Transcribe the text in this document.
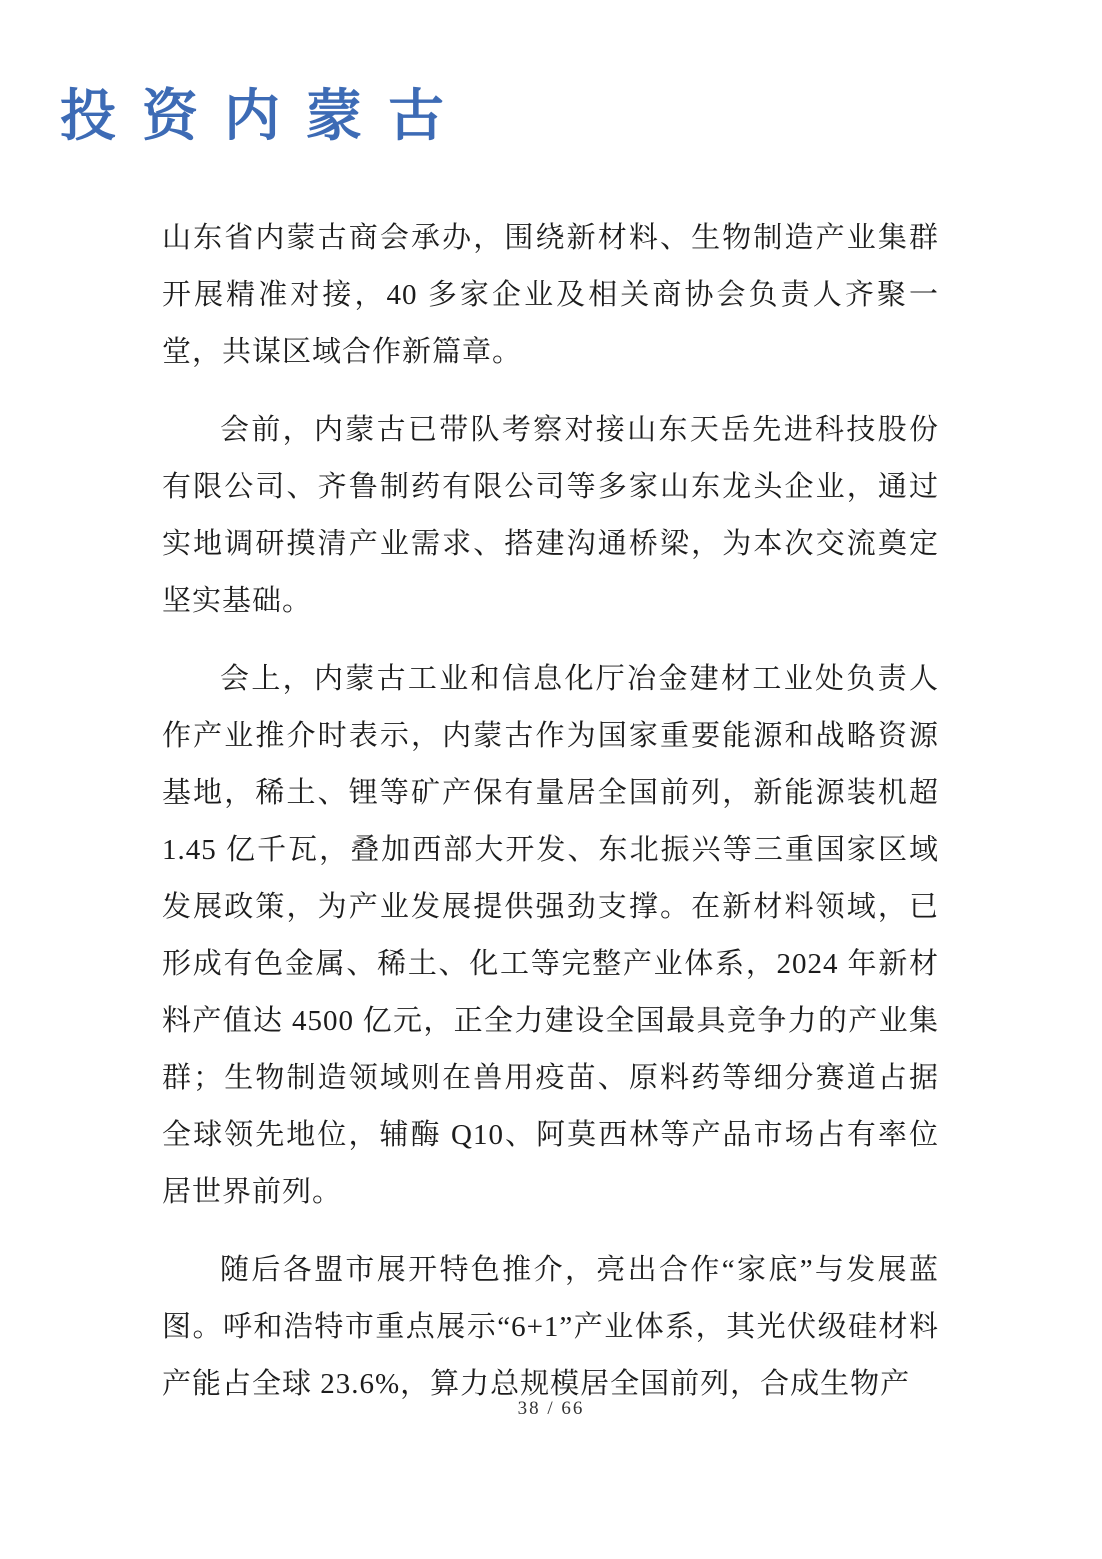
投 资 内 蒙 古

山东省内蒙古商会承办，围绕新材料、生物制造产业集群开展精准对接，40 多家企业及相关商协会负责人齐聚一堂，共谋区域合作新篇章。

会前，内蒙古已带队考察对接山东天岳先进科技股份有限公司、齐鲁制药有限公司等多家山东龙头企业，通过实地调研摸清产业需求、搭建沟通桥梁，为本次交流奠定坚实基础。

会上，内蒙古工业和信息化厅冶金建材工业处负责人作产业推介时表示，内蒙古作为国家重要能源和战略资源基地，稀土、锂等矿产保有量居全国前列，新能源装机超 1.45 亿千瓦，叠加西部大开发、东北振兴等三重国家区域发展政策，为产业发展提供强劲支撑。在新材料领域，已形成有色金属、稀土、化工等完整产业体系，2024 年新材料产值达 4500 亿元，正全力建设全国最具竞争力的产业集群；生物制造领域则在兽用疫苗、原料药等细分赛道占据全球领先地位，辅酶 Q10、阿莫西林等产品市场占有率位居世界前列。

随后各盟市展开特色推介，亮出合作“家底”与发展蓝图。呼和浩特市重点展示“6+1”产业体系，其光伏级硅材料产能占全球 23.6%，算力总规模居全国前列，合成生物产

38 / 66
